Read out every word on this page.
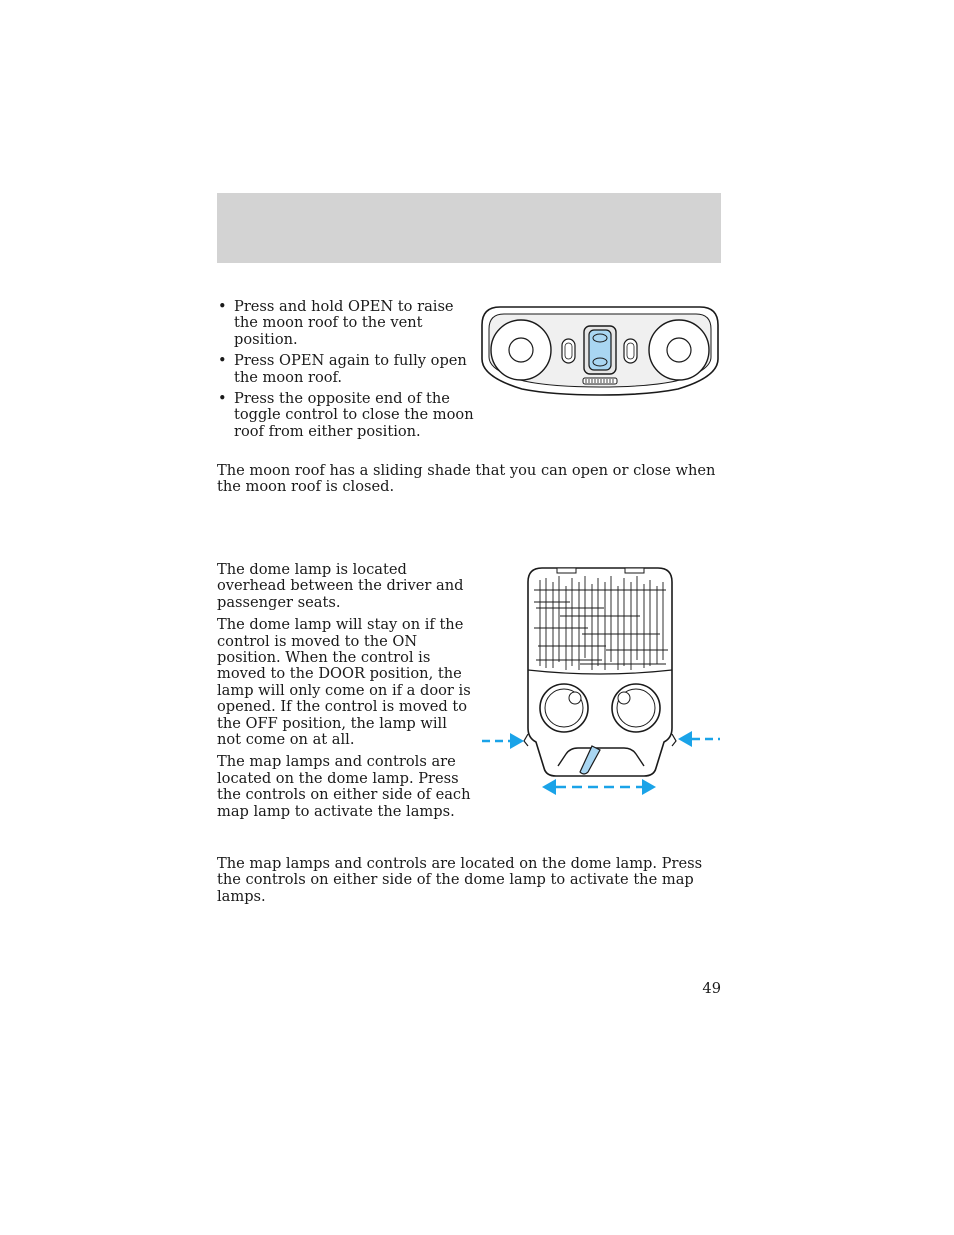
• Press and hold OPEN to raise the moon roof to the vent position.
• Press OPEN again to fully open the moon roof.
• Press the opposite end of the toggle control to close the moon roof from either position.
The moon roof has a sliding shade that you can open or close when the moon roof is closed.

The dome lamp is located overhead between the driver and passenger seats.

The dome lamp will stay on if the control is moved to the ON position. When the control is moved to the DOOR position, the lamp will only come on if a door is opened. If the control is moved to the OFF position, the lamp will not come on at all.

The map lamps and controls are located on the dome lamp. Press the controls on either side of each map lamp to activate the lamps.

The map lamps and controls are located on the dome lamp. Press the controls on either side of the dome lamp to activate the map lamps.
49
